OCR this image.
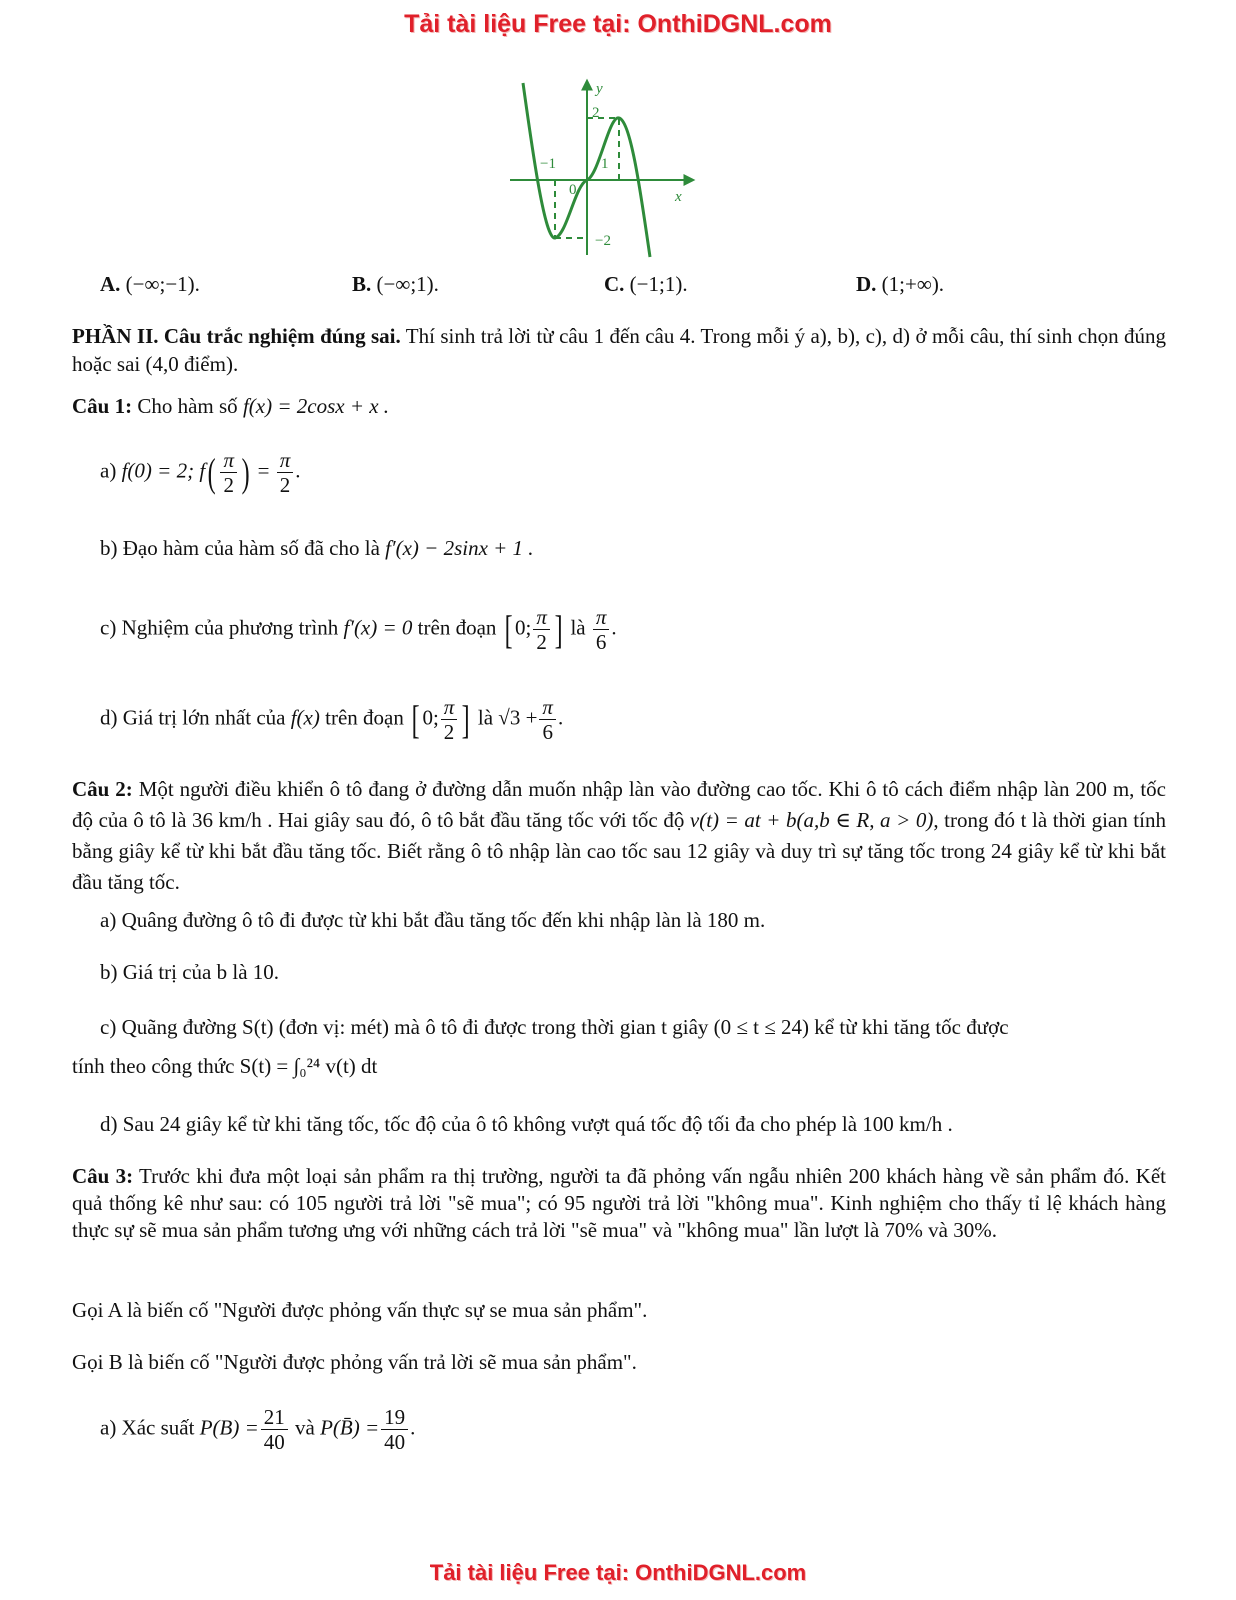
Tải tài liệu Free tại: OnthiDGNL.com
y
x
2
−1	1
0
−2
A. (−∞;−1).	B. (−∞;1).	C. (−1;1).	D. (1;+∞).
PHẦN II. Câu trắc nghiệm đúng sai. Thí sinh trả lời từ câu 1 đến câu 4. Trong mỗi ý a), b), c), d) ở mỗi câu, thí sinh chọn đúng hoặc sai (4,0 điểm).
Câu 1: Cho hàm số f(x) = 2cosx + x .
a) f(0) = 2; $f( \frac{\pi}{2}$ ) = $\frac{\pi}{2}$ .
b) Đạo hàm của hàm số đã cho là f′(x) − 2sinx + 1 .
c) Nghiệm của phương trình f′(x) = 0 trên đoạn [ 0; $\frac{\pi}{2}$ ] là $\frac{\pi}{6}$ .
d) Giá trị lớn nhất của f(x) trên đoạn [ 0; $\frac{\pi}{2}$ ] là $√3 + \frac{\pi}{6}$ .
Câu 2: Một người điều khiển ô tô đang ở đường dẫn muốn nhập làn vào đường cao tốc. Khi ô tô cách điểm nhập làn 200 m, tốc độ của ô tô là 36 km/h . Hai giây sau đó, ô tô bắt đầu tăng tốc với tốc độ v(t) = at + b(a,b ∈ R, a > 0), trong đó t là thời gian tính bằng giây kể từ khi bắt đầu tăng tốc. Biết rằng ô tô nhập làn cao tốc sau 12 giây và duy trì sự tăng tốc trong 24 giây kể từ khi bắt đầu tăng tốc.
a) Quâng đường ô tô đi được từ khi bắt đầu tăng tốc đến khi nhập làn là 180 m.
b) Giá trị của b là 10.
c) Quãng đường S(t) (đơn vị: mét) mà ô tô đi được trong thời gian t giây (0 ≤ t ≤ 24) kể từ khi tăng tốc được
tính theo công thức S(t) = ∫₀²⁴ v(t) dt
d) Sau 24 giây kể từ khi tăng tốc, tốc độ của ô tô không vượt quá tốc độ tối đa cho phép là 100 km/h .
Câu 3: Trước khi đưa một loại sản phẩm ra thị trường, người ta đã phỏng vấn ngẫu nhiên 200 khách hàng về sản phẩm đó. Kết quả thống kê như sau: có 105 người trả lời "sẽ mua"; có 95 người trả lời "không mua". Kinh nghiệm cho thấy tỉ lệ khách hàng thực sự sẽ mua sản phẩm tương ưng với những cách trả lời "sẽ mua" và "không mua" lần lượt là 70% và 30%.
Gọi A là biến cố "Người được phỏng vấn thực sự se mua sản phẩm".
Gọi B là biến cố "Người được phỏng vấn trả lời sẽ mua sản phẩm".
a) Xác suất $P(B) = \frac{21}{40}$ và P(B̄) = $\frac{19}{40}$ .
Tải tài liệu Free tại: OnthiDGNL.com
